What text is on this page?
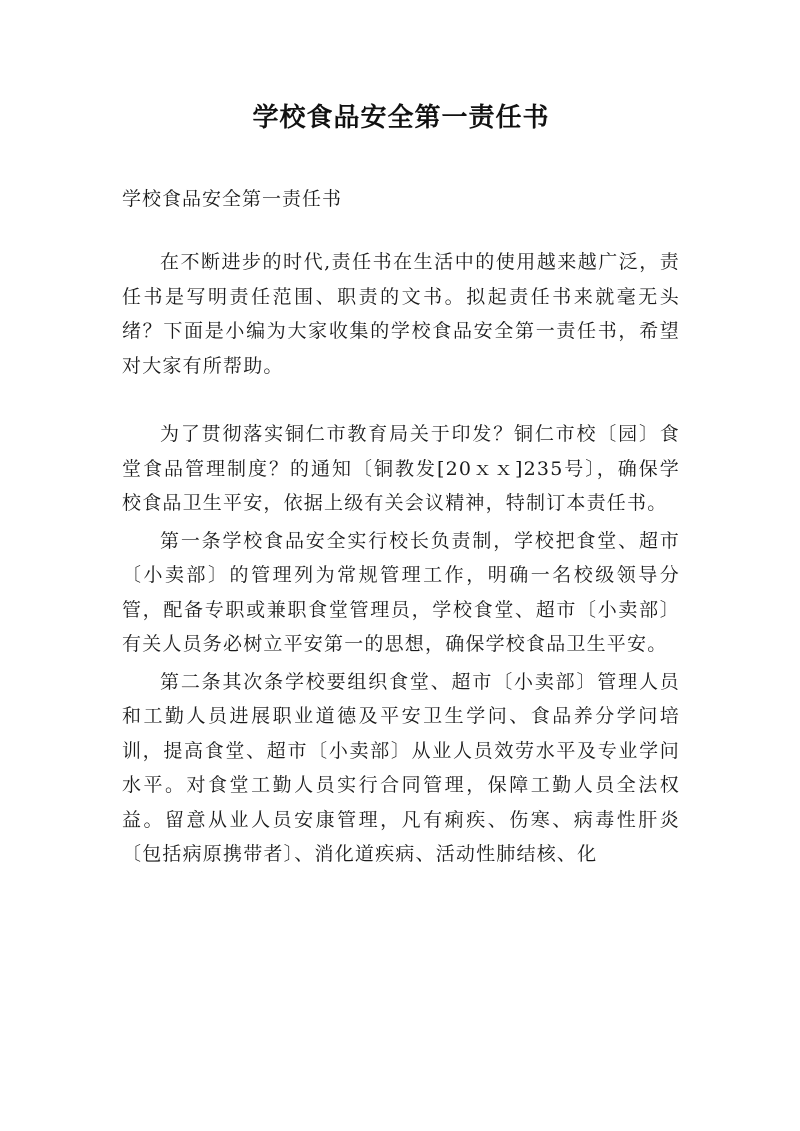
学校食品安全第一责任书
学校食品安全第一责任书

在不断进步的时代,责任书在生活中的使用越来越广泛，责任书是写明责任范围、职责的文书。拟起责任书来就毫无头绪？下面是小编为大家收集的学校食品安全第一责任书，希望对大家有所帮助。

为了贯彻落实铜仁市教育局关于印发？铜仁市校〔园〕食堂食品管理制度？的通知〔铜教发[20ｘｘ]235号〕，确保学校食品卫生平安，依据上级有关会议精神，特制订本责任书。

第一条学校食品安全实行校长负责制，学校把食堂、超市〔小卖部〕的管理列为常规管理工作，明确一名校级领导分管，配备专职或兼职食堂管理员，学校食堂、超市〔小卖部〕有关人员务必树立平安第一的思想，确保学校食品卫生平安。

第二条其次条学校要组织食堂、超市〔小卖部〕管理人员和工勤人员进展职业道德及平安卫生学问、食品养分学问培训，提高食堂、超市〔小卖部〕从业人员效劳水平及专业学问水平。对食堂工勤人员实行合同管理，保障工勤人员全法权益。留意从业人员安康管理，凡有痢疾、伤寒、病毒性肝炎〔包括病原携带者〕、消化道疾病、活动性肺结核、化
